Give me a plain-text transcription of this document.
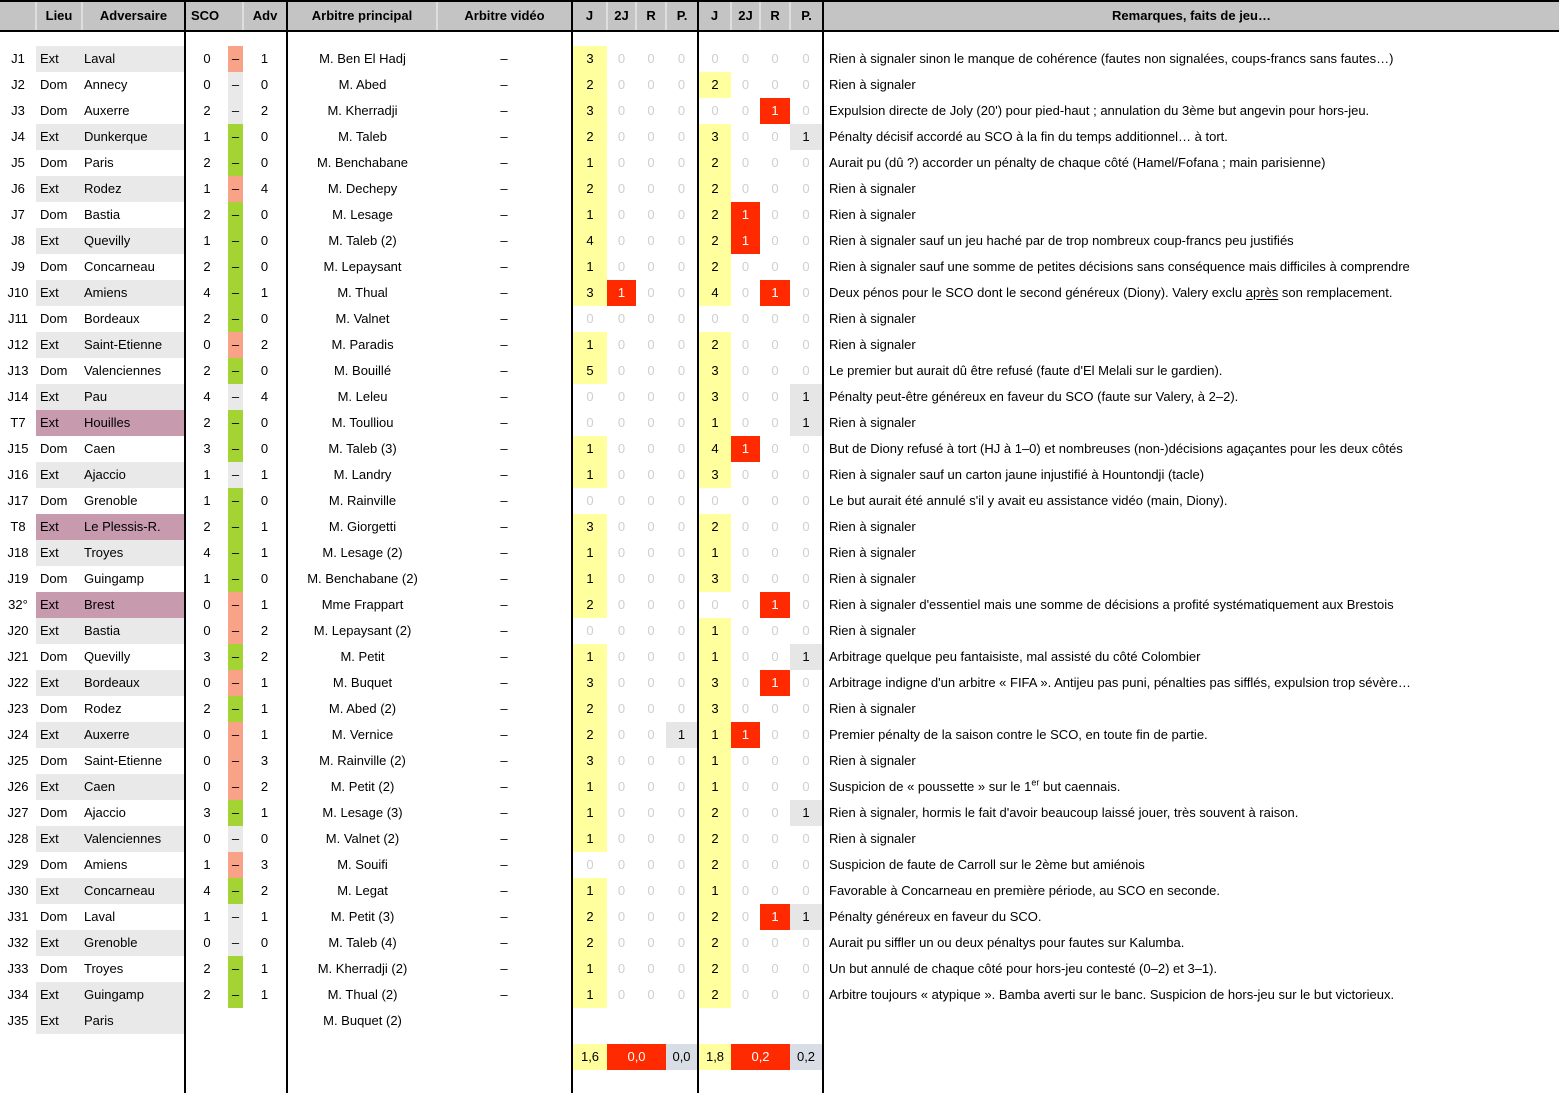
	Lieu	Adversaire	SCO		Adv	Arbitre principal	Arbitre vidéo	J	2J	R	P.	J	2J	R	P.	Remarques, faits de jeu…

J1	Ext	Laval	0	–	1	M. Ben El Hadj	–	3	0	0	0	0	0	0	0	Rien à signaler sinon le manque de cohérence (fautes non signalées, coups-francs sans fautes…)
J2	Dom	Annecy	0	–	0	M. Abed	–	2	0	0	0	2	0	0	0	Rien à signaler
J3	Dom	Auxerre	2	–	2	M. Kherradji	–	3	0	0	0	0	0	1	0	Expulsion directe de Joly (20') pour pied-haut ; annulation du 3ème but angevin pour hors-jeu.
J4	Ext	Dunkerque	1	–	0	M. Taleb	–	2	0	0	0	3	0	0	1	Pénalty décisif accordé au SCO à la fin du temps additionnel… à tort.
J5	Dom	Paris	2	–	0	M. Benchabane	–	1	0	0	0	2	0	0	0	Aurait pu (dû ?) accorder un pénalty de chaque côté (Hamel/Fofana ; main parisienne)
J6	Ext	Rodez	1	–	4	M. Dechepy	–	2	0	0	0	2	0	0	0	Rien à signaler
J7	Dom	Bastia	2	–	0	M. Lesage	–	1	0	0	0	2	1	0	0	Rien à signaler
J8	Ext	Quevilly	1	–	0	M. Taleb (2)	–	4	0	0	0	2	1	0	0	Rien à signaler sauf un jeu haché par de trop nombreux coup-francs peu justifiés
J9	Dom	Concarneau	2	–	0	M. Lepaysant	–	1	0	0	0	2	0	0	0	Rien à signaler sauf une somme de petites décisions sans conséquence mais difficiles à comprendre
J10	Ext	Amiens	4	–	1	M. Thual	–	3	1	0	0	4	0	1	0	Deux pénos pour le SCO dont le second généreux (Diony). Valery exclu après son remplacement.
J11	Dom	Bordeaux	2	–	0	M. Valnet	–	0	0	0	0	0	0	0	0	Rien à signaler
J12	Ext	Saint-Etienne	0	–	2	M. Paradis	–	1	0	0	0	2	0	0	0	Rien à signaler
J13	Dom	Valenciennes	2	–	0	M. Bouillé	–	5	0	0	0	3	0	0	0	Le premier but aurait dû être refusé (faute d'El Melali sur le gardien).
J14	Ext	Pau	4	–	4	M. Leleu	–	0	0	0	0	3	0	0	1	Pénalty peut-être généreux en faveur du SCO (faute sur Valery, à 2–2).
T7	Ext	Houilles	2	–	0	M. Toulliou	–	0	0	0	0	1	0	0	1	Rien à signaler
J15	Dom	Caen	3	–	0	M. Taleb (3)	–	1	0	0	0	4	1	0	0	But de Diony refusé à tort (HJ à 1–0) et nombreuses (non-)décisions agaçantes pour les deux côtés
J16	Ext	Ajaccio	1	–	1	M. Landry	–	1	0	0	0	3	0	0	0	Rien à signaler sauf un carton jaune injustifié à Hountondji (tacle)
J17	Dom	Grenoble	1	–	0	M. Rainville	–	0	0	0	0	0	0	0	0	Le but aurait été annulé s'il y avait eu assistance vidéo (main, Diony).
T8	Ext	Le Plessis-R.	2	–	1	M. Giorgetti	–	3	0	0	0	2	0	0	0	Rien à signaler
J18	Ext	Troyes	4	–	1	M. Lesage (2)	–	1	0	0	0	1	0	0	0	Rien à signaler
J19	Dom	Guingamp	1	–	0	M. Benchabane (2)	–	1	0	0	0	3	0	0	0	Rien à signaler
32°	Ext	Brest	0	–	1	Mme Frappart	–	2	0	0	0	0	0	1	0	Rien à signaler d'essentiel mais une somme de décisions a profité systématiquement aux Brestois
J20	Ext	Bastia	0	–	2	M. Lepaysant (2)	–	0	0	0	0	1	0	0	0	Rien à signaler
J21	Dom	Quevilly	3	–	2	M. Petit	–	1	0	0	0	1	0	0	1	Arbitrage quelque peu fantaisiste, mal assisté du côté Colombier
J22	Ext	Bordeaux	0	–	1	M. Buquet	–	3	0	0	0	3	0	1	0	Arbitrage indigne d'un arbitre « FIFA ». Antijeu pas puni, pénalties pas sifflés, expulsion trop sévère…
J23	Dom	Rodez	2	–	1	M. Abed (2)	–	2	0	0	0	3	0	0	0	Rien à signaler
J24	Ext	Auxerre	0	–	1	M. Vernice	–	2	0	0	1	1	1	0	0	Premier pénalty de la saison contre le SCO, en toute fin de partie.
J25	Dom	Saint-Etienne	0	–	3	M. Rainville (2)	–	3	0	0	0	1	0	0	0	Rien à signaler
J26	Ext	Caen	0	–	2	M. Petit (2)	–	1	0	0	0	1	0	0	0	Suspicion de « poussette » sur le 1er but caennais.
J27	Dom	Ajaccio	3	–	1	M. Lesage (3)	–	1	0	0	0	2	0	0	1	Rien à signaler, hormis le fait d'avoir beaucoup laissé jouer, très souvent à raison.
J28	Ext	Valenciennes	0	–	0	M. Valnet (2)	–	1	0	0	0	2	0	0	0	Rien à signaler
J29	Dom	Amiens	1	–	3	M. Souifi	–	0	0	0	0	2	0	0	0	Suspicion de faute de Carroll sur le 2ème but amiénois
J30	Ext	Concarneau	4	–	2	M. Legat	–	1	0	0	0	1	0	0	0	Favorable à Concarneau en première période, au SCO en seconde.
J31	Dom	Laval	1	–	1	M. Petit (3)	–	2	0	0	0	2	0	1	1	Pénalty généreux en faveur du SCO.
J32	Ext	Grenoble	0	–	0	M. Taleb (4)	–	2	0	0	0	2	0	0	0	Aurait pu siffler un ou deux pénaltys pour fautes sur Kalumba.
J33	Dom	Troyes	2	–	1	M. Kherradji (2)	–	1	0	0	0	2	0	0	0	Un but annulé de chaque côté pour hors-jeu contesté (0–2) et 3–1).
J34	Ext	Guingamp	2	–	1	M. Thual (2)	–	1	0	0	0	2	0	0	0	Arbitre toujours « atypique ». Bamba averti sur le banc. Suspicion de hors-jeu sur le but victorieux.
J35	Ext	Paris				M. Buquet (2)										

								1,6	0,0		0,0	1,8	0,2		0,2	
